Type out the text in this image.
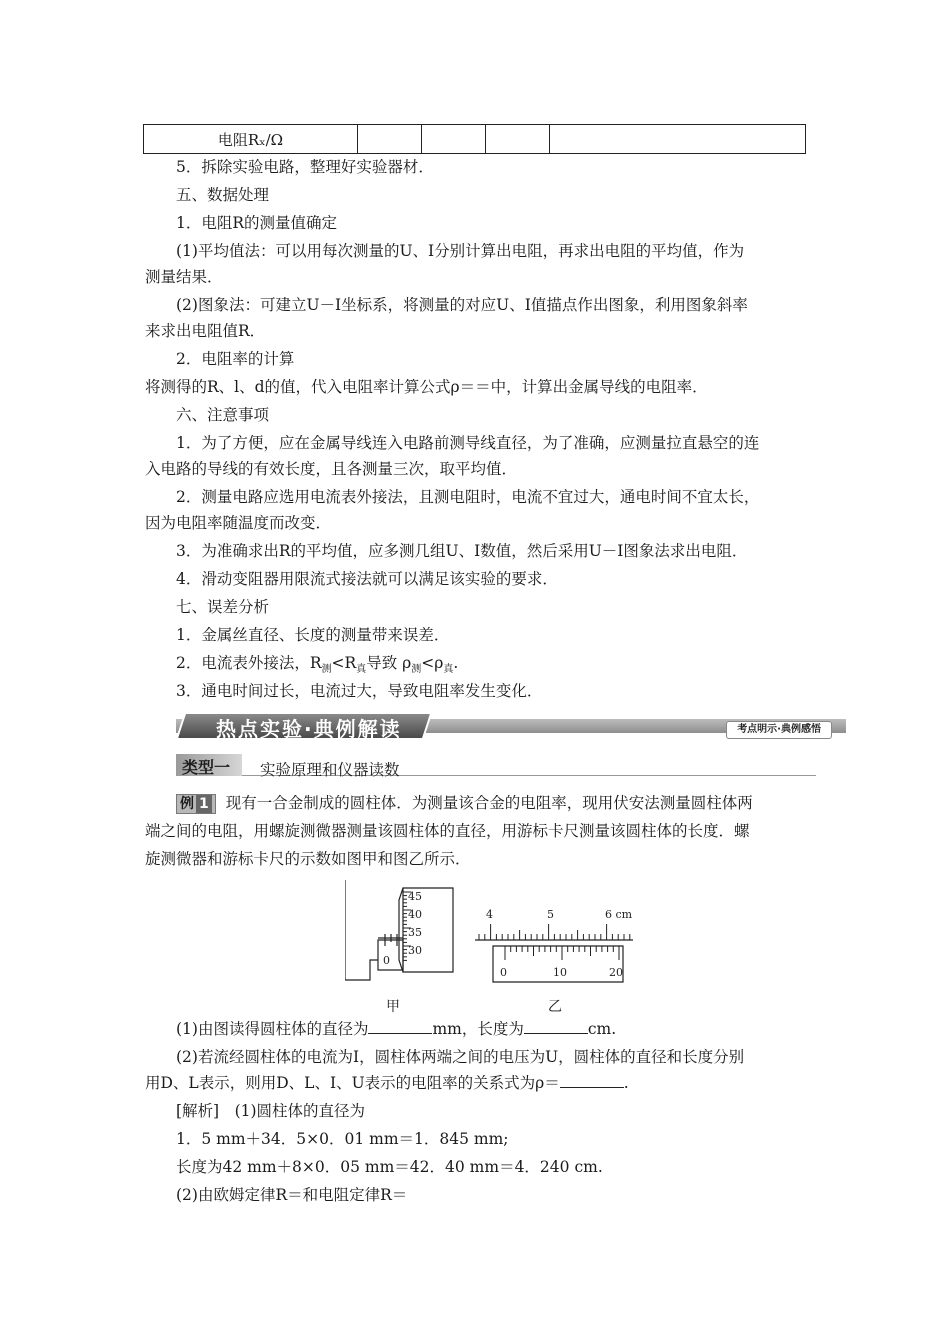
电阻Rₓ/Ω				
5．拆除实验电路，整理好实验器材．
五、数据处理
1．电阻R的测量值确定
(1)平均值法：可以用每次测量的U、I分别计算出电阻，再求出电阻的平均值，作为
测量结果．
(2)图象法：可建立U－I坐标系，将测量的对应U、I值描点作出图象，利用图象斜率
来求出电阻值R．
2．电阻率的计算
将测得的R、l、d的值，代入电阻率计算公式ρ＝＝中，计算出金属导线的电阻率．
六、注意事项
1．为了方便，应在金属导线连入电路前测导线直径，为了准确，应测量拉直悬空的连
入电路的导线的有效长度，且各测量三次，取平均值．
2．测量电路应选用电流表外接法，且测电阻时，电流不宜过大，通电时间不宜太长，
因为电阻率随温度而改变．
3．为准确求出R的平均值，应多测几组U、I数值，然后采用U－I图象法求出电阻．
4．滑动变阻器用限流式接法就可以满足该实验的要求．
七、误差分析
1．金属丝直径、长度的测量带来误差．
2．电流表外接法，$R_测<R_真$导致 $\rho_测<\rho_真$.
3．通电时间过长，电流过大，导致电阻率发生变化．
热点实验·典例解读	考点明示·典例感悟
类型一 实验原理和仪器读数
例 1 现有一合金制成的圆柱体．为测量该合金的电阻率，现用伏安法测量圆柱体两
端之间的电阻，用螺旋测微器测量该圆柱体的直径，用游标卡尺测量该圆柱体的长度．螺
旋测微器和游标卡尺的示数如图甲和图乙所示．
45
40
35
30
0
4	5	6 cm
0	10	20
甲	乙
(1)由图读得圆柱体的直径为	mm，长度为	cm.
(2)若流经圆柱体的电流为I，圆柱体两端之间的电压为U，圆柱体的直径和长度分别
用D、L表示，则用D、L、I、U表示的电阻率的关系式为ρ＝	.
[解析]　(1)圆柱体的直径为
1．5 mm＋34．5×0．01 mm＝1．845 mm;
长度为42 mm＋8×0．05 mm＝42．40 mm＝4．240 cm.
(2)由欧姆定律R＝和电阻定律R＝
